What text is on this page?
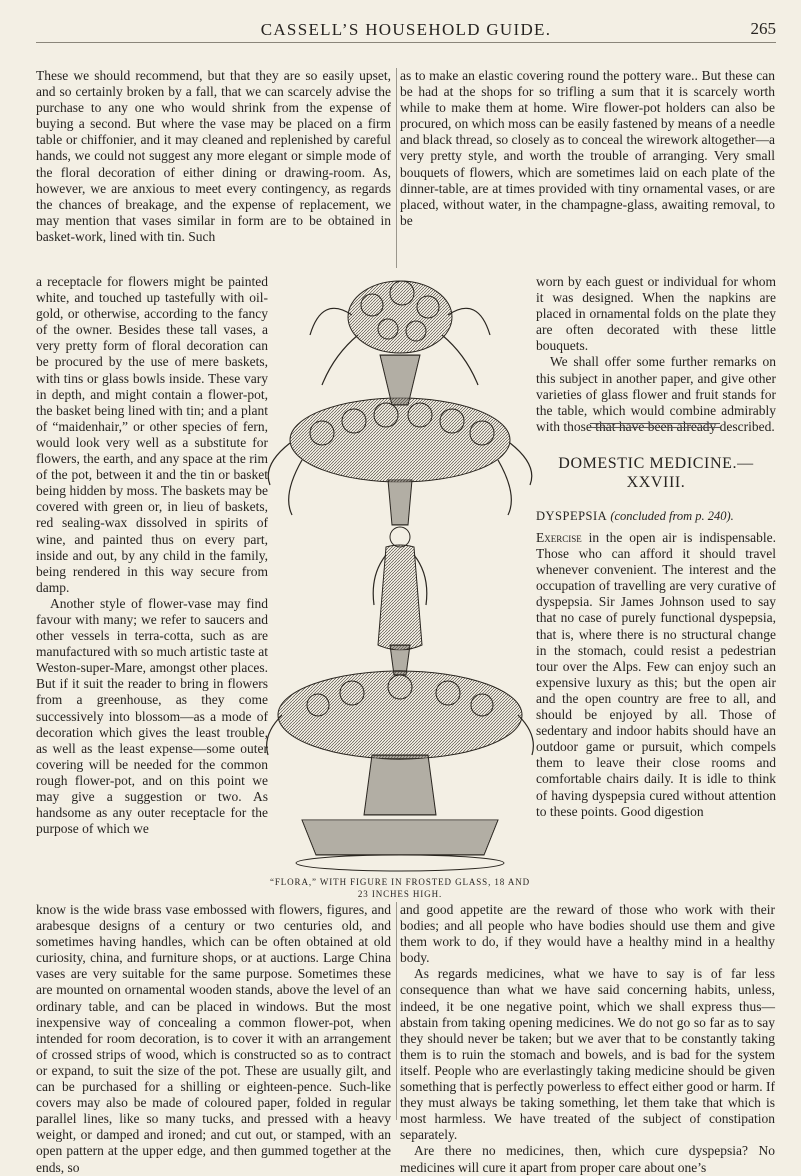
CASSELL’S HOUSEHOLD GUIDE.	265

These we should recommend, but that they are so easily upset, and so certainly broken by a fall, that we can scarcely advise the purchase to any one who would shrink from the expense of buying a second. But where the vase may be placed on a firm table or chiffonier, and it may cleaned and replenished by careful hands, we could not suggest any more elegant or simple mode of the floral decoration of either dining or drawing-room. As, however, we are anxious to meet every contingency, as regards the chances of breakage, and the expense of replacement, we may mention that vases similar in form are to be obtained in basket-work, lined with tin. Such

as to make an elastic covering round the pottery ware.. But these can be had at the shops for so trifling a sum that it is scarcely worth while to make them at home. Wire flower-pot holders can also be procured, on which moss can be easily fastened by means of a needle and black thread, so closely as to conceal the wirework altogether—a very pretty style, and worth the trouble of arranging. Very small bouquets of flowers, which are sometimes laid on each plate of the dinner-table, are at times provided with tiny ornamental vases, or are placed, without water, in the champagne-glass, awaiting removal, to be

a receptacle for flowers might be painted white, and touched up tastefully with oil-gold, or otherwise, according to the fancy of the owner. Besides these tall vases, a very pretty form of floral decoration can be procured by the use of mere baskets, with tins or glass bowls inside. These vary in depth, and might contain a flower-pot, the basket being lined with tin; and a plant of “maidenhair,” or other species of fern, would look very well as a substitute for flowers, the earth, and any space at the rim of the pot, between it and the tin or basket being hidden by moss. The baskets may be covered with green or, in lieu of baskets, red sealing-wax dissolved in spirits of wine, and painted thus on every part, inside and out, by any child in the family, being rendered in this way secure from damp.

Another style of flower-vase may find favour with many; we refer to saucers and other vessels in terra-cotta, such as are manufactured with so much artistic taste at Weston-super-Mare, amongst other places. But if it suit the reader to bring in flowers from a greenhouse, as they come successively into blossom—as a mode of decoration which gives the least trouble, as well as the least expense—some outer covering will be needed for the common rough flower-pot, and on this point we may give a suggestion or two. As handsome as any outer receptacle for the purpose of which we

“FLORA,” WITH FIGURE IN FROSTED GLASS, 18 AND
23 INCHES HIGH.

worn by each guest or individual for whom it was designed. When the napkins are placed in ornamental folds on the plate they are often decorated with these little bouquets.

We shall offer some further remarks on this subject in another paper, and give other varieties of glass flower and fruit stands for the table, which would combine admirably with those that have been already described.

DOMESTIC MEDICINE.—
XXVIII.
DYSPEPSIA (concluded from p. 240).

Exercise in the open air is indispensable. Those who can afford it should travel whenever convenient. The interest and the occupation of travelling are very curative of dyspepsia. Sir James Johnson used to say that no case of purely functional dyspepsia, that is, where there is no structural change in the stomach, could resist a pedestrian tour over the Alps. Few can enjoy such an expensive luxury as this; but the open air and the open country are free to all, and should be enjoyed by all. Those of sedentary and indoor habits should have an outdoor game or pursuit, which compels them to leave their close rooms and comfortable chairs daily. It is idle to think of having dyspepsia cured without attention to these points. Good digestion

know is the wide brass vase embossed with flowers, figures, and arabesque designs of a century or two centuries old, and sometimes having handles, which can be often obtained at old curiosity, china, and furniture shops, or at auctions. Large China vases are very suitable for the same purpose. Sometimes these are mounted on ornamental wooden stands, above the level of an ordinary table, and can be placed in windows. But the most inexpensive way of concealing a common flower-pot, when intended for room decoration, is to cover it with an arrangement of crossed strips of wood, which is constructed so as to contract or expand, to suit the size of the pot. These are usually gilt, and can be purchased for a shilling or eighteen-pence. Such-like covers may also be made of coloured paper, folded in regular parallel lines, like so many tucks, and pressed with a heavy weight, or damped and ironed; and cut out, or stamped, with an open pattern at the upper edge, and then gummed together at the ends, so

and good appetite are the reward of those who work with their bodies; and all people who have bodies should use them and give them work to do, if they would have a healthy mind in a healthy body.

As regards medicines, what we have to say is of far less consequence than what we have said concerning habits, unless, indeed, it be one negative point, which we shall express thus—abstain from taking opening medicines. We do not go so far as to say they should never be taken; but we aver that to be constantly taking them is to ruin the stomach and bowels, and is bad for the system itself. People who are everlastingly taking medicine should be given something that is perfectly powerless to effect either good or harm. If they must always be taking something, let them take that which is most harmless. We have treated of the subject of constipation separately.

Are there no medicines, then, which cure dyspepsia? No medicines will cure it apart from proper care about one’s
